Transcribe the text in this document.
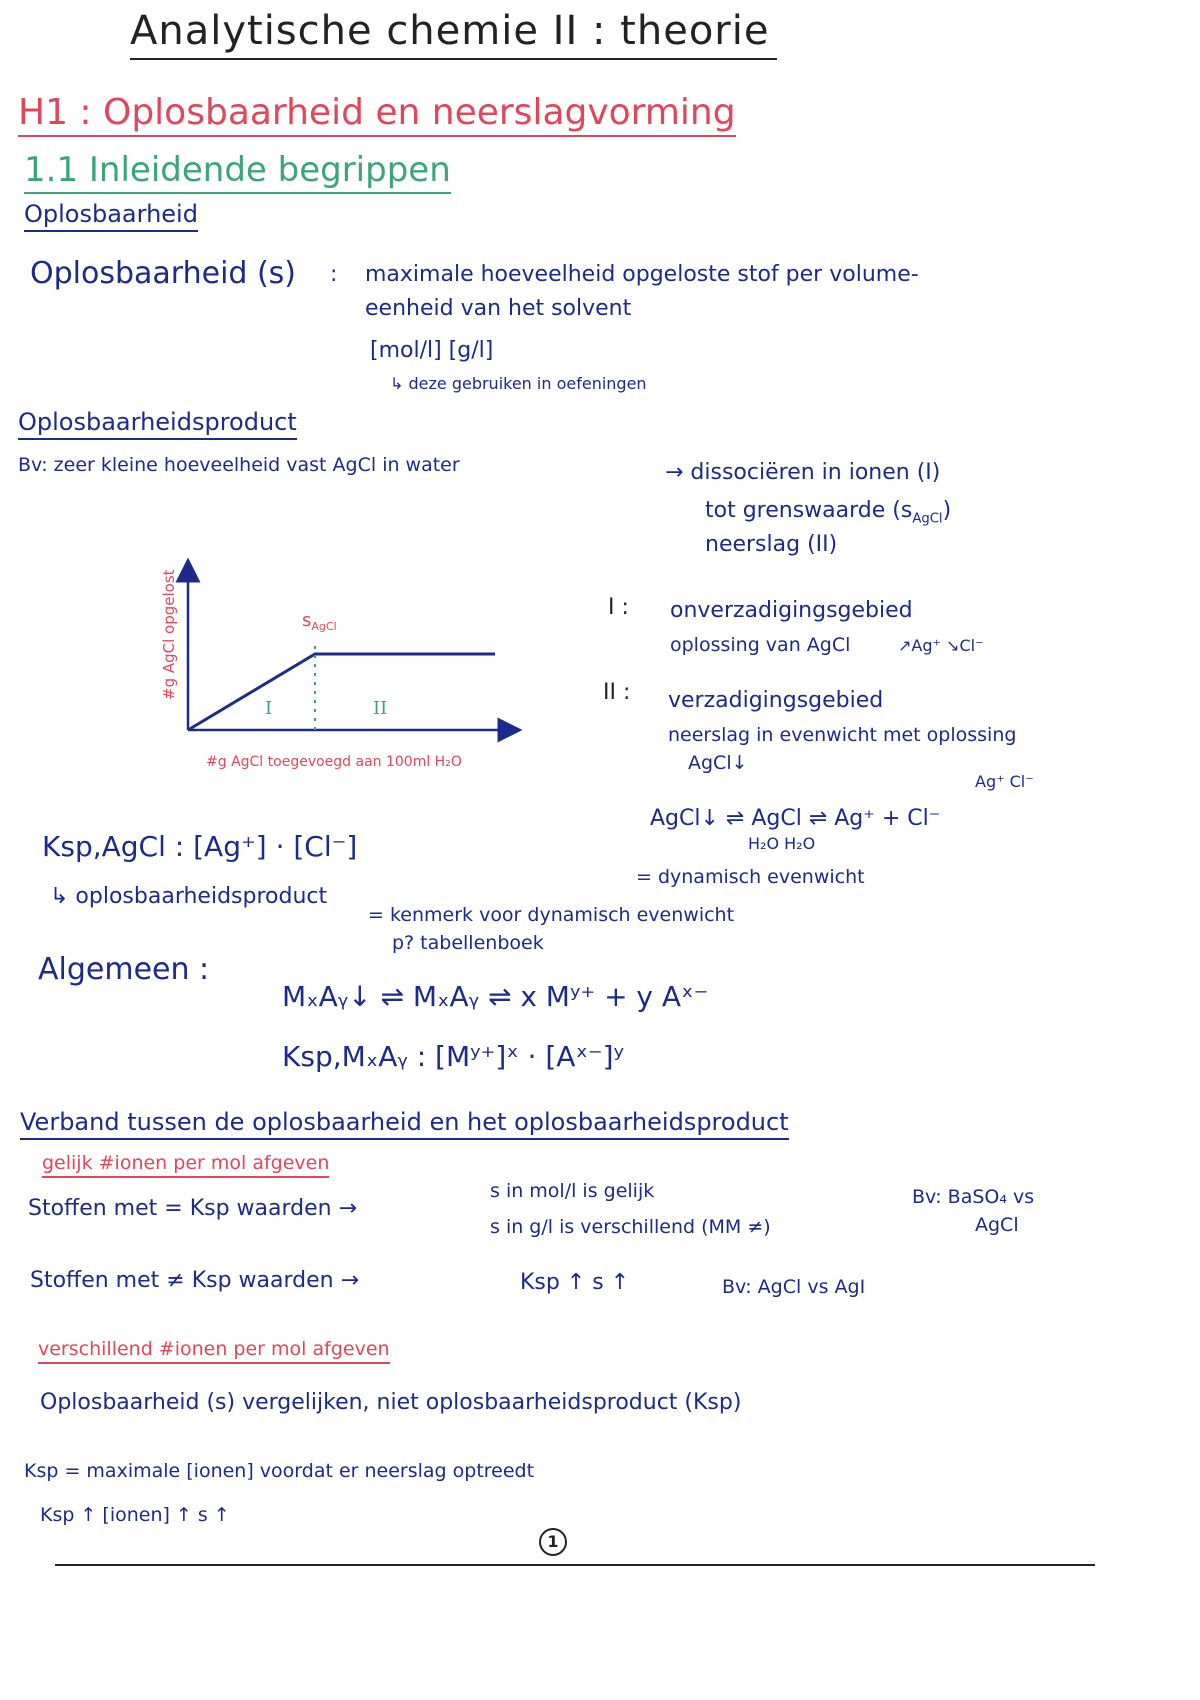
Analytische chemie II : theorie
H1 : Oplosbaarheid en neerslagvorming
1.1 Inleidende begrippen
Oplosbaarheid
Oplosbaarheid (s) : maximale hoeveelheid opgeloste stof per volume-
eenheid van het solvent
[mol/l] [g/l]
↳ deze gebruiken in oefeningen
Oplosbaarheidsproduct
Bv: zeer kleine hoeveelheid vast AgCl in water	→ dissociëren in ionen (I)
tot grenswaarde $(s_{AgCl})$
neerslag (II)
$s_{AgCl}$
I	II
#g AgCl opgelost
#g AgCl toegevoegd aan 100ml H₂O
I : onverzadigingsgebied
oplossing van AgCl	↗Ag⁺ ↘Cl⁻
II : verzadigingsgebied
neerslag in evenwicht met oplossing
AgCl↓
Ag⁺ Cl⁻
AgCl↓ ⇌ AgCl ⇌ Ag⁺ + Cl⁻
H₂O H₂O
= dynamisch evenwicht
Ksp,AgCl : [Ag⁺] · [Cl⁻]
↳ oplosbaarheidsproduct
= kenmerk voor dynamisch evenwicht
p? tabellenboek
Algemeen :
MₓAᵧ↓ ⇌ MₓAᵧ ⇌ x Mʸ⁺ + y Aˣ⁻
Ksp,MₓAᵧ : [Mʸ⁺]ˣ · [Aˣ⁻]ʸ
Verband tussen de oplosbaarheid en het oplosbaarheidsproduct
gelijk #ionen per mol afgeven
Stoffen met = Ksp waarden →
s in mol/l is gelijk
s in g/l is verschillend (MM ≠)
Bv: BaSO₄ vs
AgCl
Stoffen met ≠ Ksp waarden →	Ksp ↑ s ↑	Bv: AgCl vs AgI
verschillend #ionen per mol afgeven
Oplosbaarheid (s) vergelijken, niet oplosbaarheidsproduct (Ksp)
Ksp = maximale [ionen] voordat er neerslag optreedt
Ksp ↑ [ionen] ↑ s ↑
1
